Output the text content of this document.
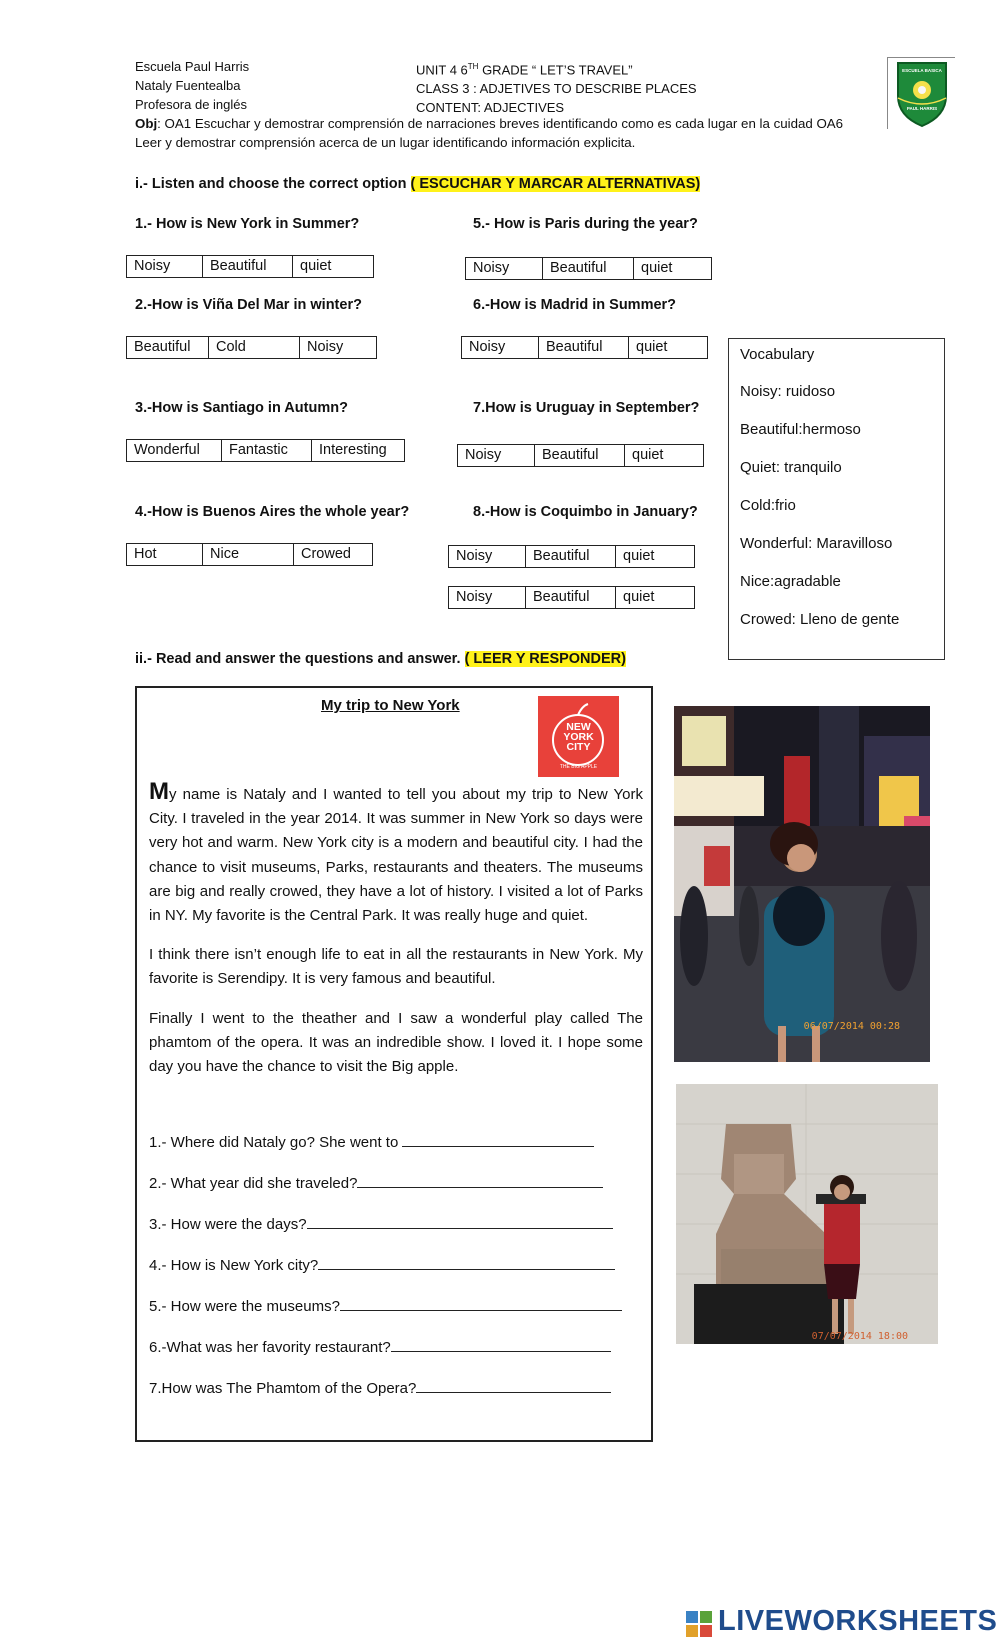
Escuela Paul Harris
Nataly Fuentealba
Profesora de inglés
UNIT 4 6TH GRADE “ LET’S TRAVEL”
CLASS 3 : ADJETIVES TO DESCRIBE PLACES
CONTENT: ADJECTIVES
Obj: OA1 Escuchar y demostrar comprensión de narraciones breves identificando como es cada lugar en la cuidad OA6 Leer y demostrar comprensión acerca de un lugar identificando información explicita.
ESCUELA BASICA
PAUL HARRIS
i.- Listen and choose the correct option ( ESCUCHAR Y MARCAR ALTERNATIVAS)
1.- How is New York in Summer?
Noisy	Beautiful	quiet
2.-How is Viña Del Mar in winter?
Beautiful	Cold	Noisy
3.-How is Santiago in Autumn?
Wonderful	Fantastic	Interesting
4.-How is Buenos Aires the whole year?
Hot	Nice	Crowed
5.- How is Paris during the year?
Noisy	Beautiful	quiet
6.-How is Madrid in Summer?
Noisy	Beautiful	quiet
7.How is Uruguay in September?
Noisy	Beautiful	quiet
8.-How is Coquimbo in January?
Noisy	Beautiful	quiet
Noisy	Beautiful	quiet
Vocabulary
Noisy: ruidoso
Beautiful:hermoso
Quiet: tranquilo
Cold:frio
Wonderful: Maravilloso
Nice:agradable
Crowed: Lleno de gente
ii.- Read and answer the questions and answer. ( LEER Y RESPONDER)
My trip to New York
NEW
YORK
CITY
THE BIG APPLE

My name is Nataly and I wanted to tell you about my trip to New York City. I traveled in the year 2014. It was summer in New York so days were very hot and warm. New York city is a modern and beautiful city. I had the chance to visit museums, Parks, restaurants and theaters. The museums are big and really crowed, they have a lot of history. I visited a lot of Parks in NY. My favorite is the Central Park. It was really huge and quiet.

I think there isn’t enough life to eat in all the restaurants in New York. My favorite is Serendipy. It is very famous and beautiful.

Finally I went to the theather and I saw a wonderful play called The phamtom of the opera. It was an indredible show. I loved it. I hope some day you have the chance to visit the Big apple.

1.- Where did Nataly go? She went to
2.- What year did she traveled?
3.- How were the days?
4.- How is New York city?
5.- How were the museums?
6.-What was her favority restaurant?
7.How was The Phamtom of the Opera?
06/07/2014 00:28
07/07/2014 18:00
LIVEWORKSHEETS
